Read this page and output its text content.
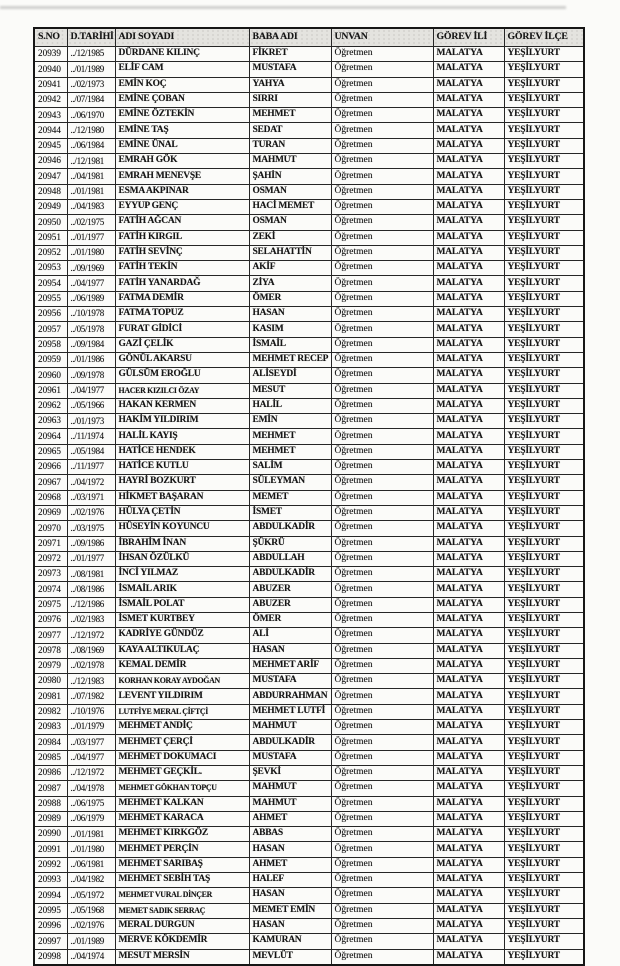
S.NO	D.TARİHİ	ADI SOYADI	BABA ADI	UNVAN	GÖREV İLİ	GÖREV İLÇE
20939	../12/1985	DÜRDANE KILINÇ	FİKRET	Öğretmen	MALATYA	YEŞİLYURT
20940	../01/1989	ELİF CAM	MUSTAFA	Öğretmen	MALATYA	YEŞİLYURT
20941	../02/1973	EMİN KOÇ	YAHYA	Öğretmen	MALATYA	YEŞİLYURT
20942	../07/1984	EMİNE ÇOBAN	SIRRI	Öğretmen	MALATYA	YEŞİLYURT
20943	../06/1970	EMİNE ÖZTEKİN	MEHMET	Öğretmen	MALATYA	YEŞİLYURT
20944	../12/1980	EMİNE TAŞ	SEDAT	Öğretmen	MALATYA	YEŞİLYURT
20945	../06/1984	EMİNE ÜNAL	TURAN	Öğretmen	MALATYA	YEŞİLYURT
20946	../12/1981	EMRAH GÖK	MAHMUT	Öğretmen	MALATYA	YEŞİLYURT
20947	../04/1981	EMRAH MENEVŞE	ŞAHİN	Öğretmen	MALATYA	YEŞİLYURT
20948	../01/1981	ESMA AKPINAR	OSMAN	Öğretmen	MALATYA	YEŞİLYURT
20949	../04/1983	EYYUP GENÇ	HACİ MEMET	Öğretmen	MALATYA	YEŞİLYURT
20950	../02/1975	FATİH AĞCAN	OSMAN	Öğretmen	MALATYA	YEŞİLYURT
20951	../01/1977	FATİH KIRGIL	ZEKİ	Öğretmen	MALATYA	YEŞİLYURT
20952	../01/1980	FATİH SEVİNÇ	SELAHATTİN	Öğretmen	MALATYA	YEŞİLYURT
20953	../09/1969	FATİH TEKİN	AKİF	Öğretmen	MALATYA	YEŞİLYURT
20954	../04/1977	FATİH YANARDAĞ	ZİYA	Öğretmen	MALATYA	YEŞİLYURT
20955	../06/1989	FATMA DEMİR	ÖMER	Öğretmen	MALATYA	YEŞİLYURT
20956	../10/1978	FATMA TOPUZ	HASAN	Öğretmen	MALATYA	YEŞİLYURT
20957	../05/1978	FURAT GİDİCİ	KASIM	Öğretmen	MALATYA	YEŞİLYURT
20958	../09/1984	GAZİ ÇELİK	İSMAİL	Öğretmen	MALATYA	YEŞİLYURT
20959	../01/1986	GÖNÜL AKARSU	MEHMET RECEP	Öğretmen	MALATYA	YEŞİLYURT
20960	../09/1978	GÜLSÜM EROĞLU	ALİSEYDİ	Öğretmen	MALATYA	YEŞİLYURT
20961	../04/1977	HACER KIZILCI ÖZAY	MESUT	Öğretmen	MALATYA	YEŞİLYURT
20962	../05/1966	HAKAN KERMEN	HALİL	Öğretmen	MALATYA	YEŞİLYURT
20963	../01/1973	HAKİM YILDIRIM	EMİN	Öğretmen	MALATYA	YEŞİLYURT
20964	../11/1974	HALİL KAYIŞ	MEHMET	Öğretmen	MALATYA	YEŞİLYURT
20965	../05/1984	HATİCE HENDEK	MEHMET	Öğretmen	MALATYA	YEŞİLYURT
20966	../11/1977	HATİCE KUTLU	SALİM	Öğretmen	MALATYA	YEŞİLYURT
20967	../04/1972	HAYRİ BOZKURT	SÜLEYMAN	Öğretmen	MALATYA	YEŞİLYURT
20968	../03/1971	HİKMET BAŞARAN	MEMET	Öğretmen	MALATYA	YEŞİLYURT
20969	../02/1976	HÜLYA ÇETİN	İSMET	Öğretmen	MALATYA	YEŞİLYURT
20970	../03/1975	HÜSEYİN KOYUNCU	ABDULKADİR	Öğretmen	MALATYA	YEŞİLYURT
20971	../09/1986	İBRAHİM İNAN	ŞÜKRÜ	Öğretmen	MALATYA	YEŞİLYURT
20972	../01/1977	İHSAN ÖZÜLKÜ	ABDULLAH	Öğretmen	MALATYA	YEŞİLYURT
20973	../08/1981	İNCİ YILMAZ	ABDULKADİR	Öğretmen	MALATYA	YEŞİLYURT
20974	../08/1986	İSMAİL ARIK	ABUZER	Öğretmen	MALATYA	YEŞİLYURT
20975	../12/1986	İSMAİL POLAT	ABUZER	Öğretmen	MALATYA	YEŞİLYURT
20976	../02/1983	İSMET KURTBEY	ÖMER	Öğretmen	MALATYA	YEŞİLYURT
20977	../12/1972	KADRİYE GÜNDÜZ	ALİ	Öğretmen	MALATYA	YEŞİLYURT
20978	../08/1969	KAYA ALTIKULAÇ	HASAN	Öğretmen	MALATYA	YEŞİLYURT
20979	../02/1978	KEMAL DEMİR	MEHMET ARİF	Öğretmen	MALATYA	YEŞİLYURT
20980	../12/1983	KORHAN KORAY AYDOĞAN	MUSTAFA	Öğretmen	MALATYA	YEŞİLYURT
20981	../07/1982	LEVENT YILDIRIM	ABDURRAHMAN	Öğretmen	MALATYA	YEŞİLYURT
20982	../10/1976	LUTFİYE MERAL ÇİFTÇİ	MEHMET LUTFİ	Öğretmen	MALATYA	YEŞİLYURT
20983	../01/1979	MEHMET ANDİÇ	MAHMUT	Öğretmen	MALATYA	YEŞİLYURT
20984	../03/1977	MEHMET ÇERÇİ	ABDULKADİR	Öğretmen	MALATYA	YEŞİLYURT
20985	../04/1977	MEHMET DOKUMACI	MUSTAFA	Öğretmen	MALATYA	YEŞİLYURT
20986	../12/1972	MEHMET GEÇKİL.	ŞEVKİ	Öğretmen	MALATYA	YEŞİLYURT
20987	../04/1978	MEHMET GÖKHAN TOPÇU	MAHMUT	Öğretmen	MALATYA	YEŞİLYURT
20988	../06/1975	MEHMET KALKAN	MAHMUT	Öğretmen	MALATYA	YEŞİLYURT
20989	../06/1979	MEHMET KARACA	AHMET	Öğretmen	MALATYA	YEŞİLYURT
20990	../01/1981	MEHMET KIRKGÖZ	ABBAS	Öğretmen	MALATYA	YEŞİLYURT
20991	../01/1980	MEHMET PERÇİN	HASAN	Öğretmen	MALATYA	YEŞİLYURT
20992	../06/1981	MEHMET SARIBAŞ	AHMET	Öğretmen	MALATYA	YEŞİLYURT
20993	../04/1982	MEHMET SEBİH TAŞ	HALEF	Öğretmen	MALATYA	YEŞİLYURT
20994	../05/1972	MEHMET VURAL DİNÇER	HASAN	Öğretmen	MALATYA	YEŞİLYURT
20995	../05/1968	MEMET SADIK SERRAÇ	MEMET EMİN	Öğretmen	MALATYA	YEŞİLYURT
20996	../02/1976	MERAL DURGUN	HASAN	Öğretmen	MALATYA	YEŞİLYURT
20997	../01/1989	MERVE KÖKDEMİR	KAMURAN	Öğretmen	MALATYA	YEŞİLYURT
20998	../04/1974	MESUT MERSİN	MEVLÜT	Öğretmen	MALATYA	YEŞİLYURT
